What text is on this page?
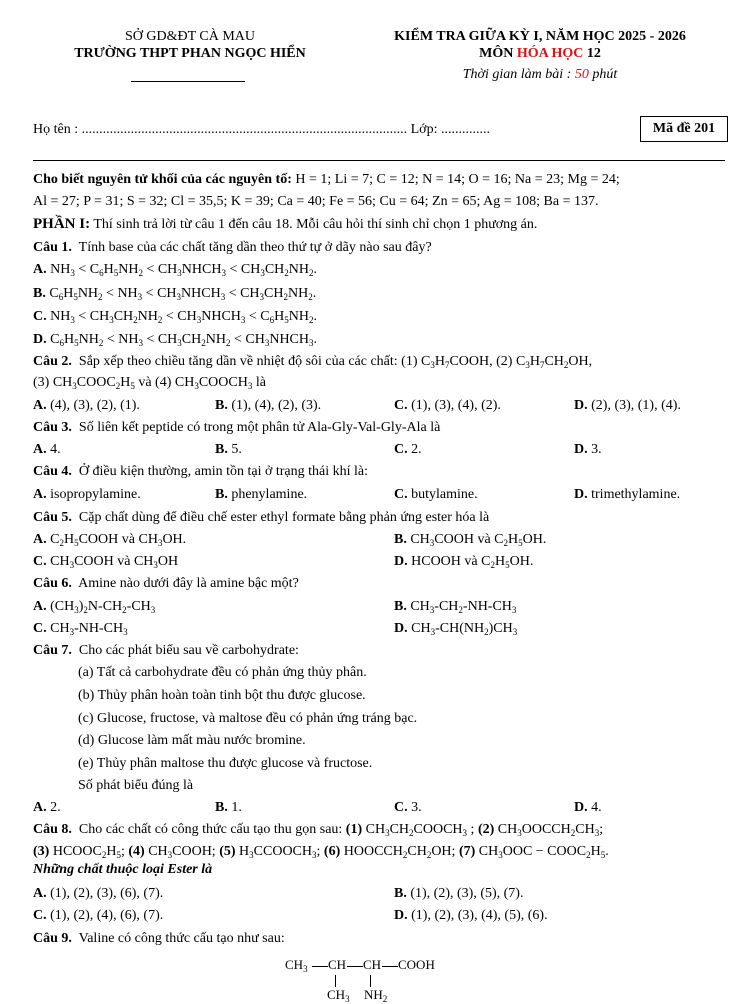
SỞ GD&ĐT CÀ MAU
TRƯỜNG THPT PHAN NGỌC HIỂN
KIỂM TRA GIỮA KỲ I, NĂM HỌC 2025 - 2026
MÔN HÓA HỌC 12
Thời gian làm bài : 50 phút
Họ tên : ............................................................................................. Lớp: ..............	Mã đề 201
Cho biết nguyên tử khối của các nguyên tố: H = 1; Li = 7; C = 12; N = 14; O = 16; Na = 23; Mg = 24;
Al = 27; P = 31; S = 32; Cl = 35,5; K = 39; Ca = 40; Fe = 56; Cu = 64; Zn = 65; Ag = 108; Ba = 137.
PHẦN I: Thí sinh trả lời từ câu 1 đến câu 18. Mỗi câu hỏi thí sinh chỉ chọn 1 phương án.
Câu 1. Tính base của các chất tăng dần theo thứ tự ở dãy nào sau đây?
A. $NH_3 < C_6H_5NH_2$ < $CH_3NHCH_3 < CH_3CH_2NH_2$.
B. $C_6H_5NH_2 < NH_3$ < $CH_3NHCH_3 < CH_3CH_2NH_2$.
C. $NH_3 < CH_3CH_2NH_2$ < $CH_3NHCH_3 < C_6H_5NH_2$.
D. $C_6H_5NH_2 < NH_3 < CH_3CH_2NH_2$ < $CH_3NHCH_3$.
Câu 2. Sắp xếp theo chiều tăng dần về nhiệt độ sôi của các chất: (1) $C_3H_7COOH$, (2) $C_3H_7CH_2OH$,
(3) $CH_3COOC_2H_5$ và (4) $CH_3COOCH_3$ là
A. (4), (3), (2), (1).	B. (1), (4), (2), (3).	C. (1), (3), (4), (2).	D. (2), (3), (1), (4).
Câu 3. Số liên kết peptide có trong một phân tử Ala-Gly-Val-Gly-Ala là
A. 4.	B. 5.	C. 2.	D. 3.
Câu 4. Ở điều kiện thường, amin tồn tại ở trạng thái khí là:
A. isopropylamine.	B. phenylamine.	C. butylamine.	D. trimethylamine.
Câu 5. Cặp chất dùng để điều chế ester ethyl formate bằng phản ứng ester hóa là
A. $C_2H_5COOH$ và $CH_3OH$.	B. $CH_3COOH$ và $C_2H_5OH$.
C. $CH_3COOH$ và $CH_3OH$	D. HCOOH và $C_2H_5OH$.
Câu 6. Amine nào dưới đây là amine bậc một?
A. $(CH_3)_2N-CH_2-CH_3$	B. $CH_3-CH_2-NH-CH_3$
C. $CH_3-NH-CH_3$	D. $CH_3-CH(NH_2)CH_3$
Câu 7. Cho các phát biểu sau về carbohydrate:
(a) Tất cả carbohydrate đều có phản ứng thủy phân.
(b) Thủy phân hoàn toàn tinh bột thu được glucose.
(c) Glucose, fructose, và maltose đều có phản ứng tráng bạc.
(d) Glucose làm mất màu nước bromine.
(e) Thủy phân maltose thu được glucose và fructose.
Số phát biểu đúng là
A. 2.	B. 1.	C. 3.	D. 4.
Câu 8. Cho các chất có công thức cấu tạo thu gọn sau: (1) $CH_3CH_2COOCH_3$ ; (2) $CH_3OOCCH_2CH_3$;
(3) $HCOOC_2H_5$; (4) $CH_3COOH$; (5) $H_3CCOOCH_3$; (6) $HOOCCH_2CH_2OH$; (7) $CH_3OOC$ − $COOC_2H_5$.
Những chất thuộc loại Ester là
A. (1), (2), (3), (6), (7).	B. (1), (2), (3), (5), (7).
C. (1), (2), (4), (6), (7).	D. (1), (2), (3), (4), (5), (6).
Câu 9. Valine có công thức cấu tạo như sau:
$CH_3$ CH CH COOH
$CH_3$ $NH_2$
